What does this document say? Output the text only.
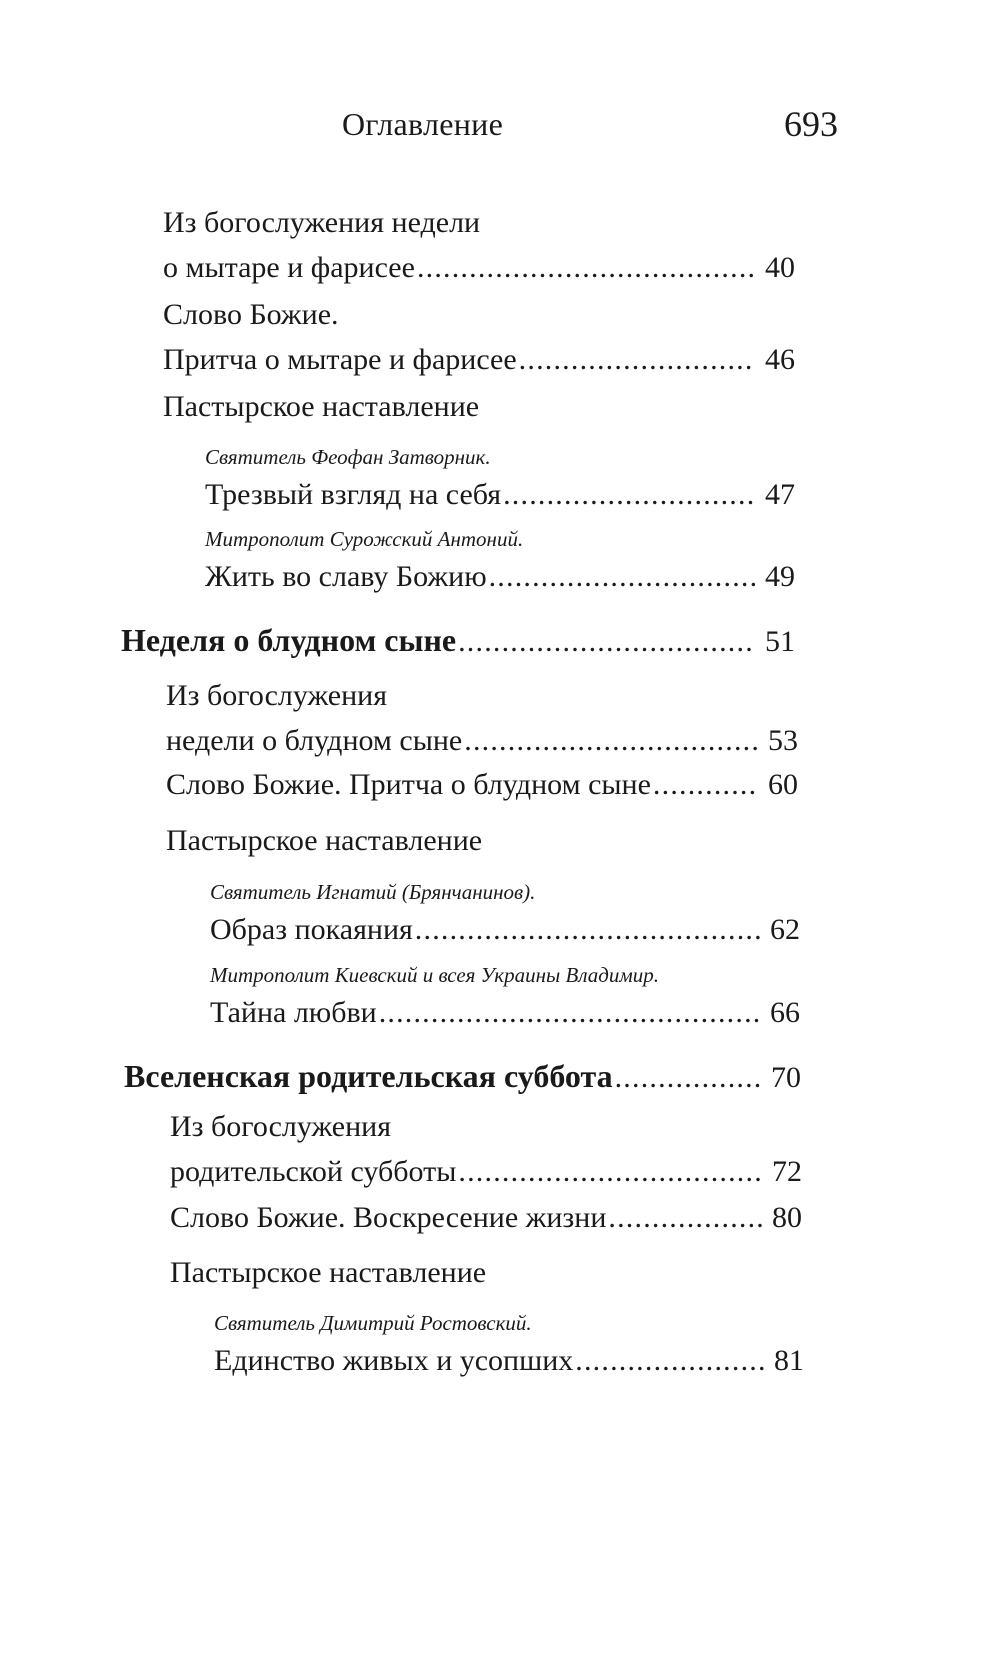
Оглавление	693
Из богослужения недели
о мытаре и фарисее .....	40
Слово Божие.
Притча о мытаре и фарисее .....	46
Пастырское наставление
Святитель Феофан Затворник.
Трезвый взгляд на себя .....	47
Митрополит Сурожский Антоний.
Жить во славу Божию .....	49
Неделя о блудном сыне .....	51
Из богослужения
недели о блудном сыне .....	53
Слово Божие. Притча о блудном сыне .....	60
Пастырское наставление
Святитель Игнатий (Брянчанинов).
Образ покаяния .....	62
Митрополит Киевский и всея Украины Владимир.
Тайна любви .....	66
Вселенская родительская суббота .....	70
Из богослужения
родительской субботы .....	72
Слово Божие. Воскресение жизни .....	80
Пастырское наставление
Святитель Димитрий Ростовский.
Единство живых и усопших .....	81
